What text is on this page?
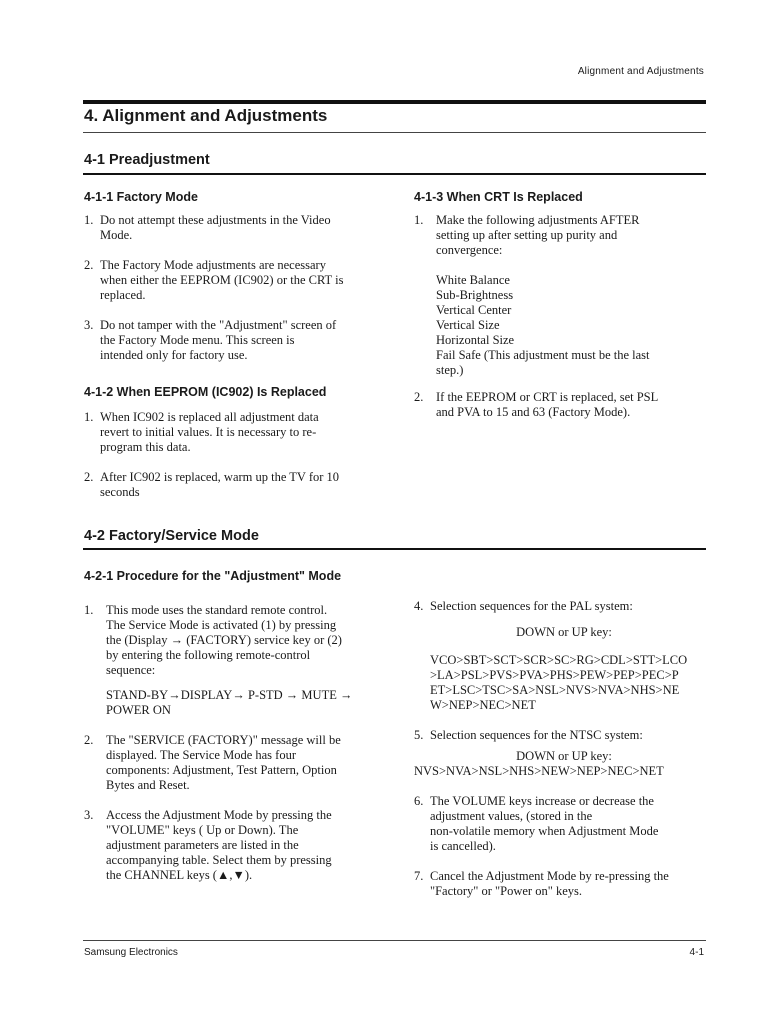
Alignment and Adjustments
4. Alignment and Adjustments
4-1 Preadjustment
4-1-1 Factory Mode
1. Do not attempt these adjustments in the Video
Mode.
2. The Factory Mode adjustments are necessary
when either the EEPROM (IC902) or the CRT is
replaced.
3. Do not tamper with the "Adjustment" screen of
the Factory Mode menu. This screen is
intended only for factory use.
4-1-2 When EEPROM (IC902) Is Replaced
1. When IC902 is replaced all adjustment data
revert to initial values. It is necessary to re-
program this data.
2. After IC902 is replaced, warm up the TV for 10
seconds
4-1-3 When CRT Is Replaced
1. Make the following adjustments AFTER
setting up after setting up purity and
convergence:
White Balance
Sub-Brightness
Vertical Center
Vertical Size
Horizontal Size
Fail Safe (This adjustment must be the last
step.)
2. If the EEPROM or CRT is replaced, set PSL
and PVA to 15 and 63 (Factory Mode).
4-2 Factory/Service Mode
4-2-1 Procedure for the "Adjustment" Mode
1. This mode uses the standard remote control.
The Service Mode is activated (1) by pressing
the (Display → (FACTORY) service key or (2)
by entering the following remote-control
sequence:
STAND-BY→DISPLAY→ P-STD → MUTE →
POWER ON
2. The "SERVICE (FACTORY)" message will be
displayed. The Service Mode has four
components: Adjustment, Test Pattern, Option
Bytes and Reset.
3. Access the Adjustment Mode by pressing the
"VOLUME" keys ( Up or Down). The
adjustment parameters are listed in the
accompanying table. Select them by pressing
the CHANNEL keys (▲,▼).
4. Selection sequences for the PAL system:
DOWN or UP key:
VCO>SBT>SCT>SCR>SC>RG>CDL>STT>LCO >LA>PSL>PVS>PVA>PHS>PEW>PEP>PEC>P ET>LSC>TSC>SA>NSL>NVS>NVA>NHS>NE W>NEP>NEC>NET
5. Selection sequences for the NTSC system:
DOWN or UP key:
NVS>NVA>NSL>NHS>NEW>NEP>NEC>NET
6. The VOLUME keys increase or decrease the
adjustment values, (stored in the
non-volatile memory when Adjustment Mode
is cancelled).
7. Cancel the Adjustment Mode by re-pressing the
"Factory" or "Power on" keys.
Samsung Electronics	4-1
